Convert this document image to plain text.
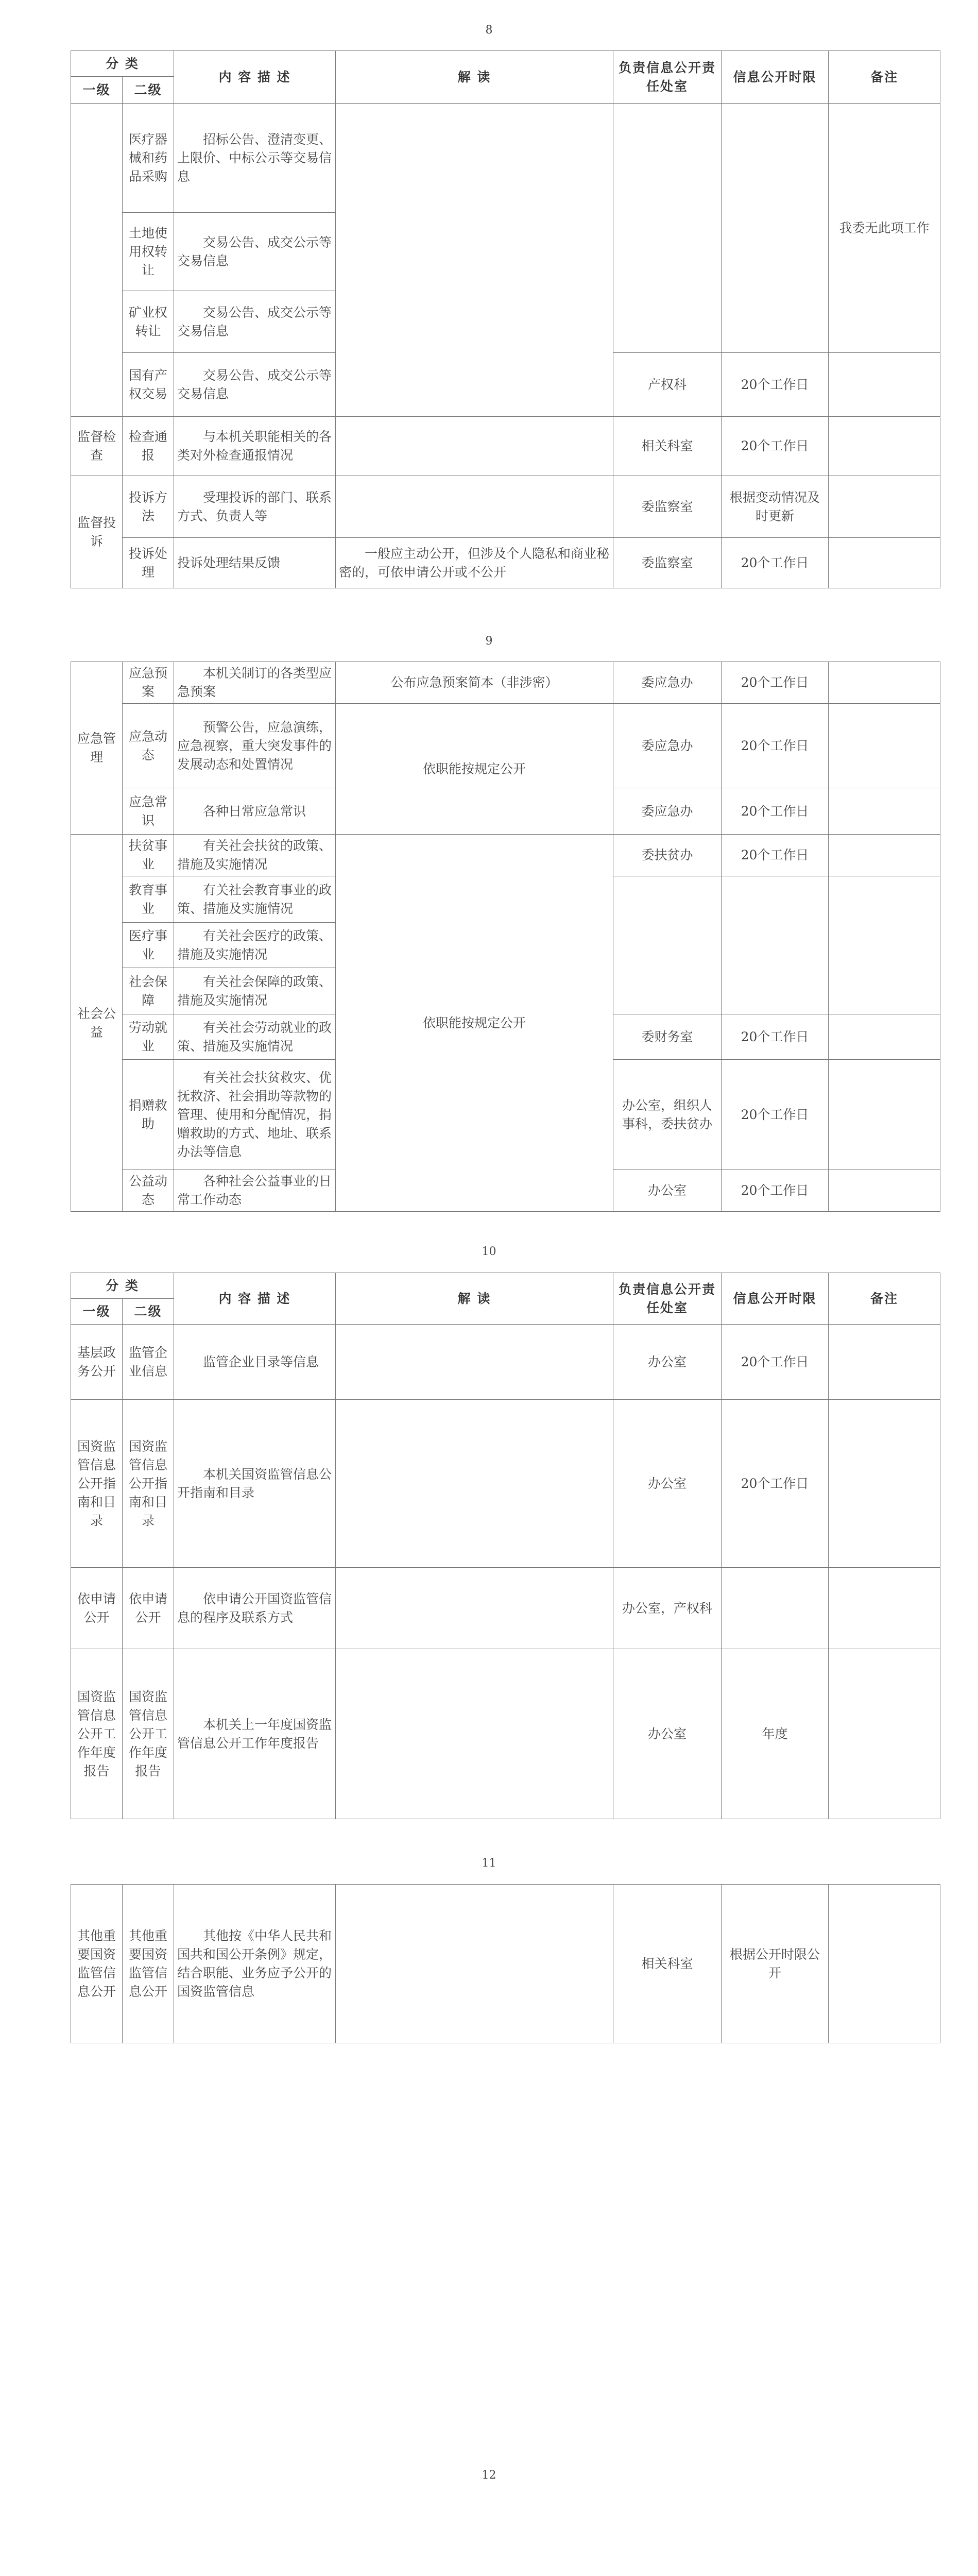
8
分 类		内 容 描 述	解 读	负责信息公开责任处室	信息公开时限	备注
一级	二级					
	医疗器械和药品采购	招标公告、澄清变更、上限价、中标公示等交易信息				我委无此项工作
	土地使用权转让	交易公告、成交公示等交易信息				
	矿业权转让	交易公告、成交公示等交易信息				
	国有产权交易	交易公告、成交公示等交易信息		产权科	20个工作日	
监督检查	检查通报	与本机关职能相关的各类对外检查通报情况		相关科室	20个工作日	
监督投诉	投诉方法	受理投诉的部门、联系方式、负责人等		委监察室	根据变动情况及时更新	
	投诉处理	投诉处理结果反馈	一般应主动公开，但涉及个人隐私和商业秘密的，可依申请公开或不公开	委监察室	20个工作日	
9
应急管理	应急预案	本机关制订的各类型应急预案	公布应急预案简本（非涉密）	委应急办	20个工作日	
	应急动态	预警公告，应急演练，应急视察，重大突发事件的发展动态和处置情况	依职能按规定公开	委应急办	20个工作日	
	应急常识	各种日常应急常识		委应急办	20个工作日	
社会公益	扶贫事业	有关社会扶贫的政策、措施及实施情况	依职能按规定公开	委扶贫办	20个工作日	
	教育事业	有关社会教育事业的政策、措施及实施情况				
	医疗事业	有关社会医疗的政策、措施及实施情况				
	社会保障	有关社会保障的政策、措施及实施情况				
	劳动就业	有关社会劳动就业的政策、措施及实施情况		委财务室	20个工作日	
	捐赠救助	有关社会扶贫救灾、优抚救济、社会捐助等款物的管理、使用和分配情况，捐赠救助的方式、地址、联系办法等信息		办公室，组织人事科，委扶贫办	20个工作日	
	公益动态	各种社会公益事业的日常工作动态		办公室	20个工作日	
10
分 类		内 容 描 述	解 读	负责信息公开责任处室	信息公开时限	备注
一级	二级					
基层政务公开	监管企业信息	监管企业目录等信息		办公室	20个工作日	
国资监管信息公开指南和目录	国资监管信息公开指南和目录	本机关国资监管信息公开指南和目录		办公室	20个工作日	
依申请公开	依申请公开	依申请公开国资监管信息的程序及联系方式		办公室，产权科		
国资监管信息公开工作年度报告	国资监管信息公开工作年度报告	本机关上一年度国资监管信息公开工作年度报告		办公室	年度	
11
其他重要国资监管信息公开	其他重要国资监管信息公开	其他按《中华人民共和国共和国公开条例》规定，结合职能、业务应予公开的国资监管信息		相关科室	根据公开时限公开	
12
